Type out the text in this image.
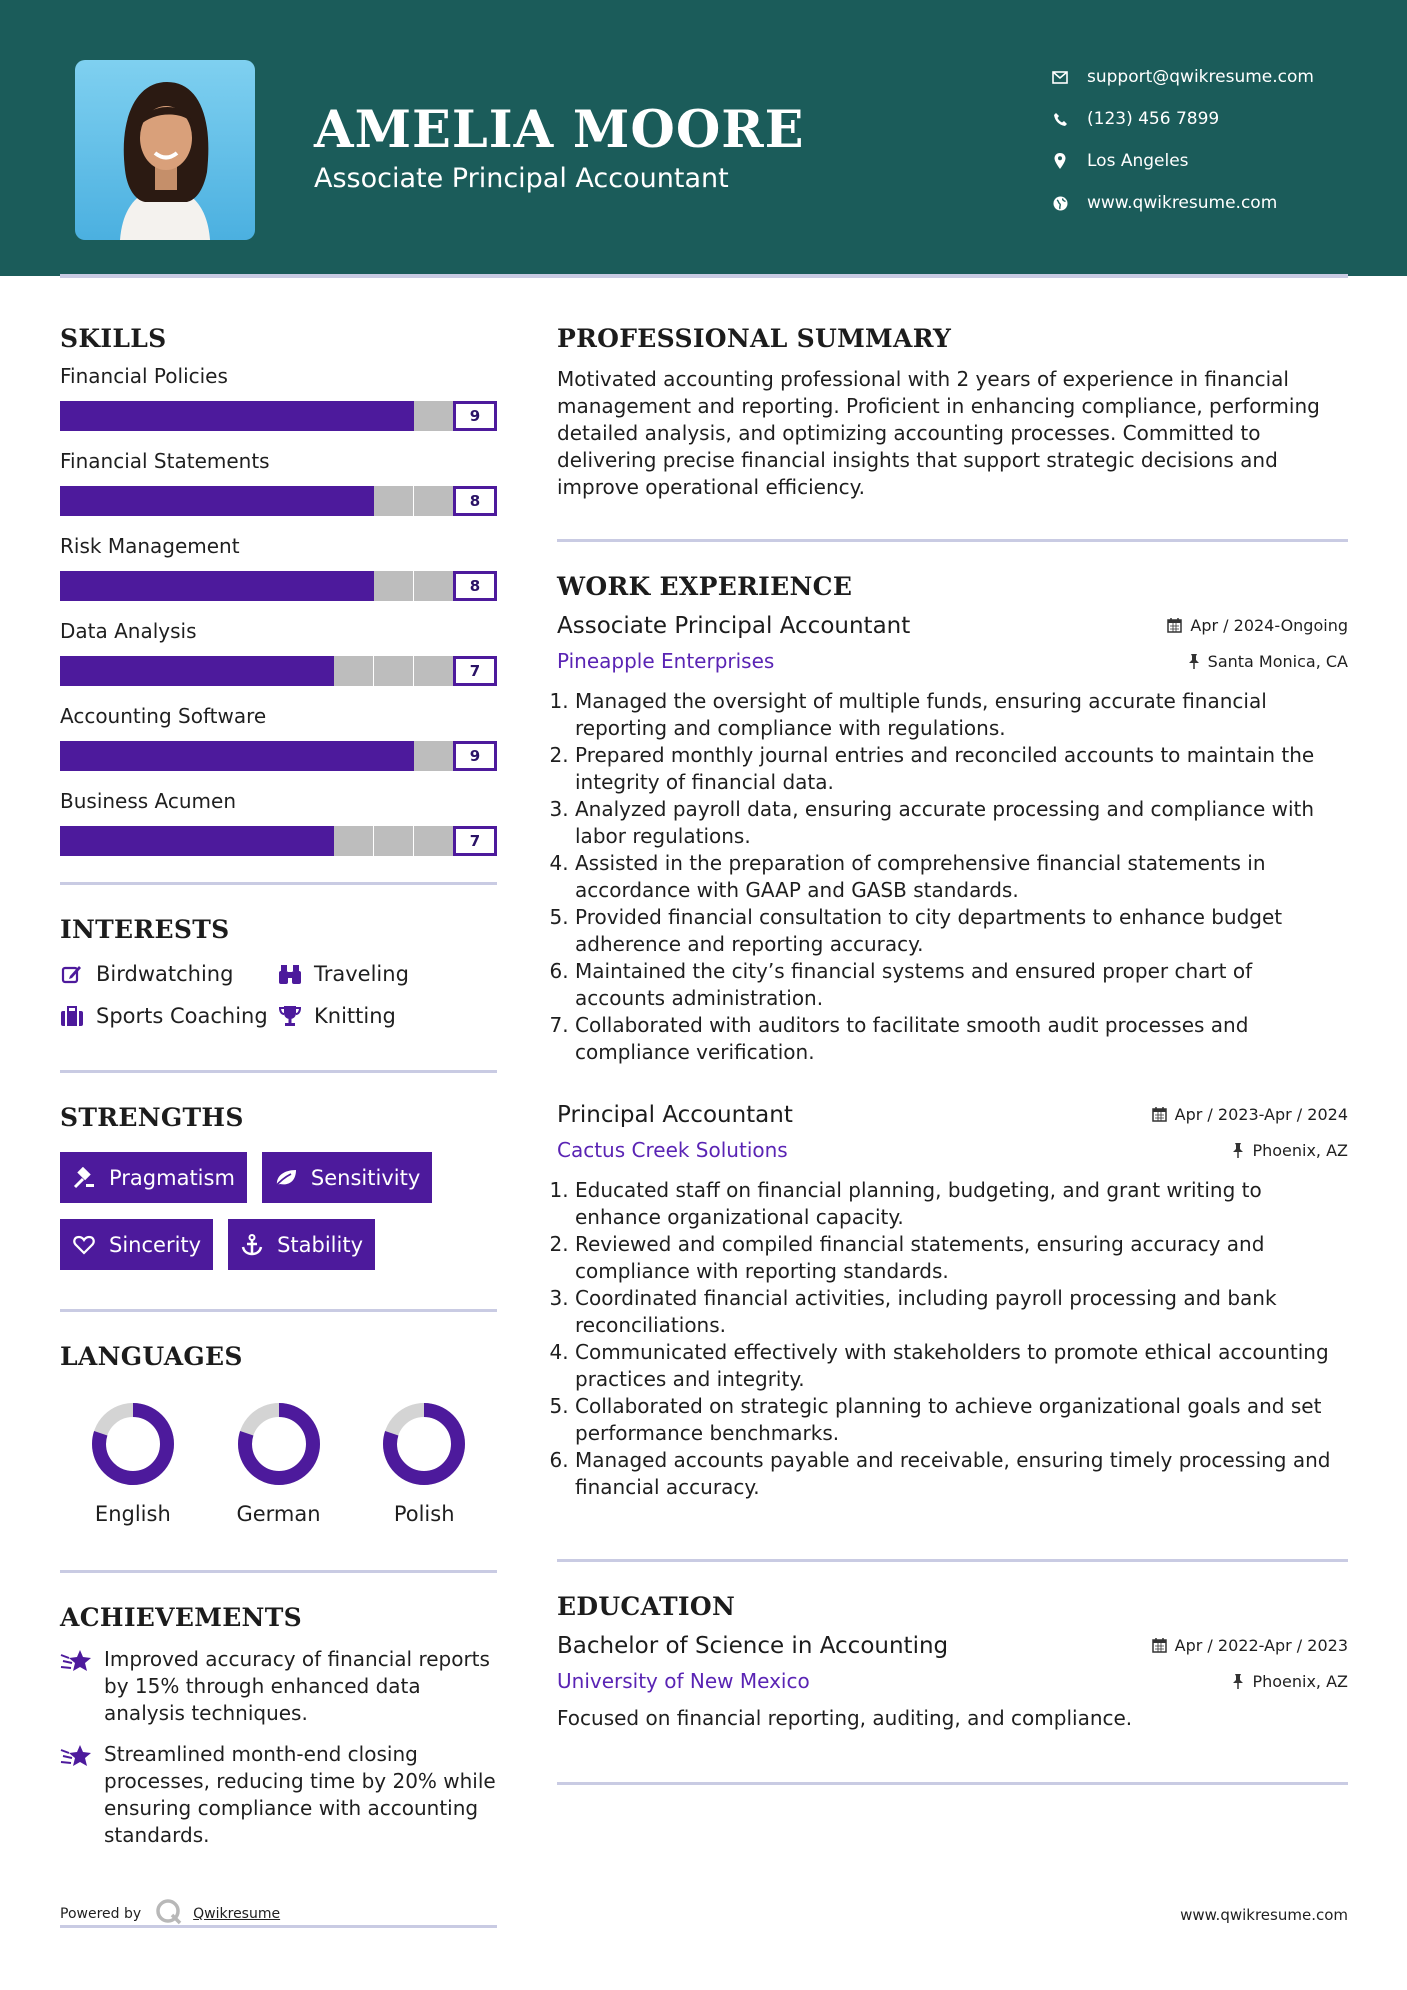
AMELIA MOORE
Associate Principal Accountant
support@qwikresume.com
(123) 456 7899
Los Angeles
www.qwikresume.com
SKILLS
Financial Policies
9
Financial Statements
8
Risk Management
8
Data Analysis
7
Accounting Software
9
Business Acumen
7
INTERESTS
Birdwatching	Traveling
Sports Coaching Knitting
STRENGTHS
Pragmatism	Sensitivity
Sincerity	Stability
LANGUAGES
English	German	Polish
ACHIEVEMENTS
Improved accuracy of financial reports by 15% through enhanced data analysis techniques.
Streamlined month-end closing processes, reducing time by 20% while ensuring compliance with accounting standards.
PROFESSIONAL SUMMARY
Motivated accounting professional with 2 years of experience in financial management and reporting. Proficient in enhancing compliance, performing detailed analysis, and optimizing accounting processes. Committed to delivering precise financial insights that support strategic decisions and improve operational efficiency.
WORK EXPERIENCE
Associate Principal Accountant	Apr / 2024-Ongoing
Pineapple Enterprises	Santa Monica, CA
1. Managed the oversight of multiple funds, ensuring accurate financial reporting and compliance with regulations.
2. Prepared monthly journal entries and reconciled accounts to maintain the integrity of financial data.
3. Analyzed payroll data, ensuring accurate processing and compliance with labor regulations.
4. Assisted in the preparation of comprehensive financial statements in accordance with GAAP and GASB standards.
5. Provided financial consultation to city departments to enhance budget adherence and reporting accuracy.
6. Maintained the city’s financial systems and ensured proper chart of accounts administration.
7. Collaborated with auditors to facilitate smooth audit processes and compliance verification.
Principal Accountant	Apr / 2023-Apr / 2024
Cactus Creek Solutions	Phoenix, AZ
1. Educated staff on financial planning, budgeting, and grant writing to enhance organizational capacity.
2. Reviewed and compiled financial statements, ensuring accuracy and compliance with reporting standards.
3. Coordinated financial activities, including payroll processing and bank reconciliations.
4. Communicated effectively with stakeholders to promote ethical accounting practices and integrity.
5. Collaborated on strategic planning to achieve organizational goals and set performance benchmarks.
6. Managed accounts payable and receivable, ensuring timely processing and financial accuracy.
EDUCATION
Bachelor of Science in Accounting	Apr / 2022-Apr / 2023
University of New Mexico	Phoenix, AZ
Focused on financial reporting, auditing, and compliance.
Powered by	Qwikresume	www.qwikresume.com
